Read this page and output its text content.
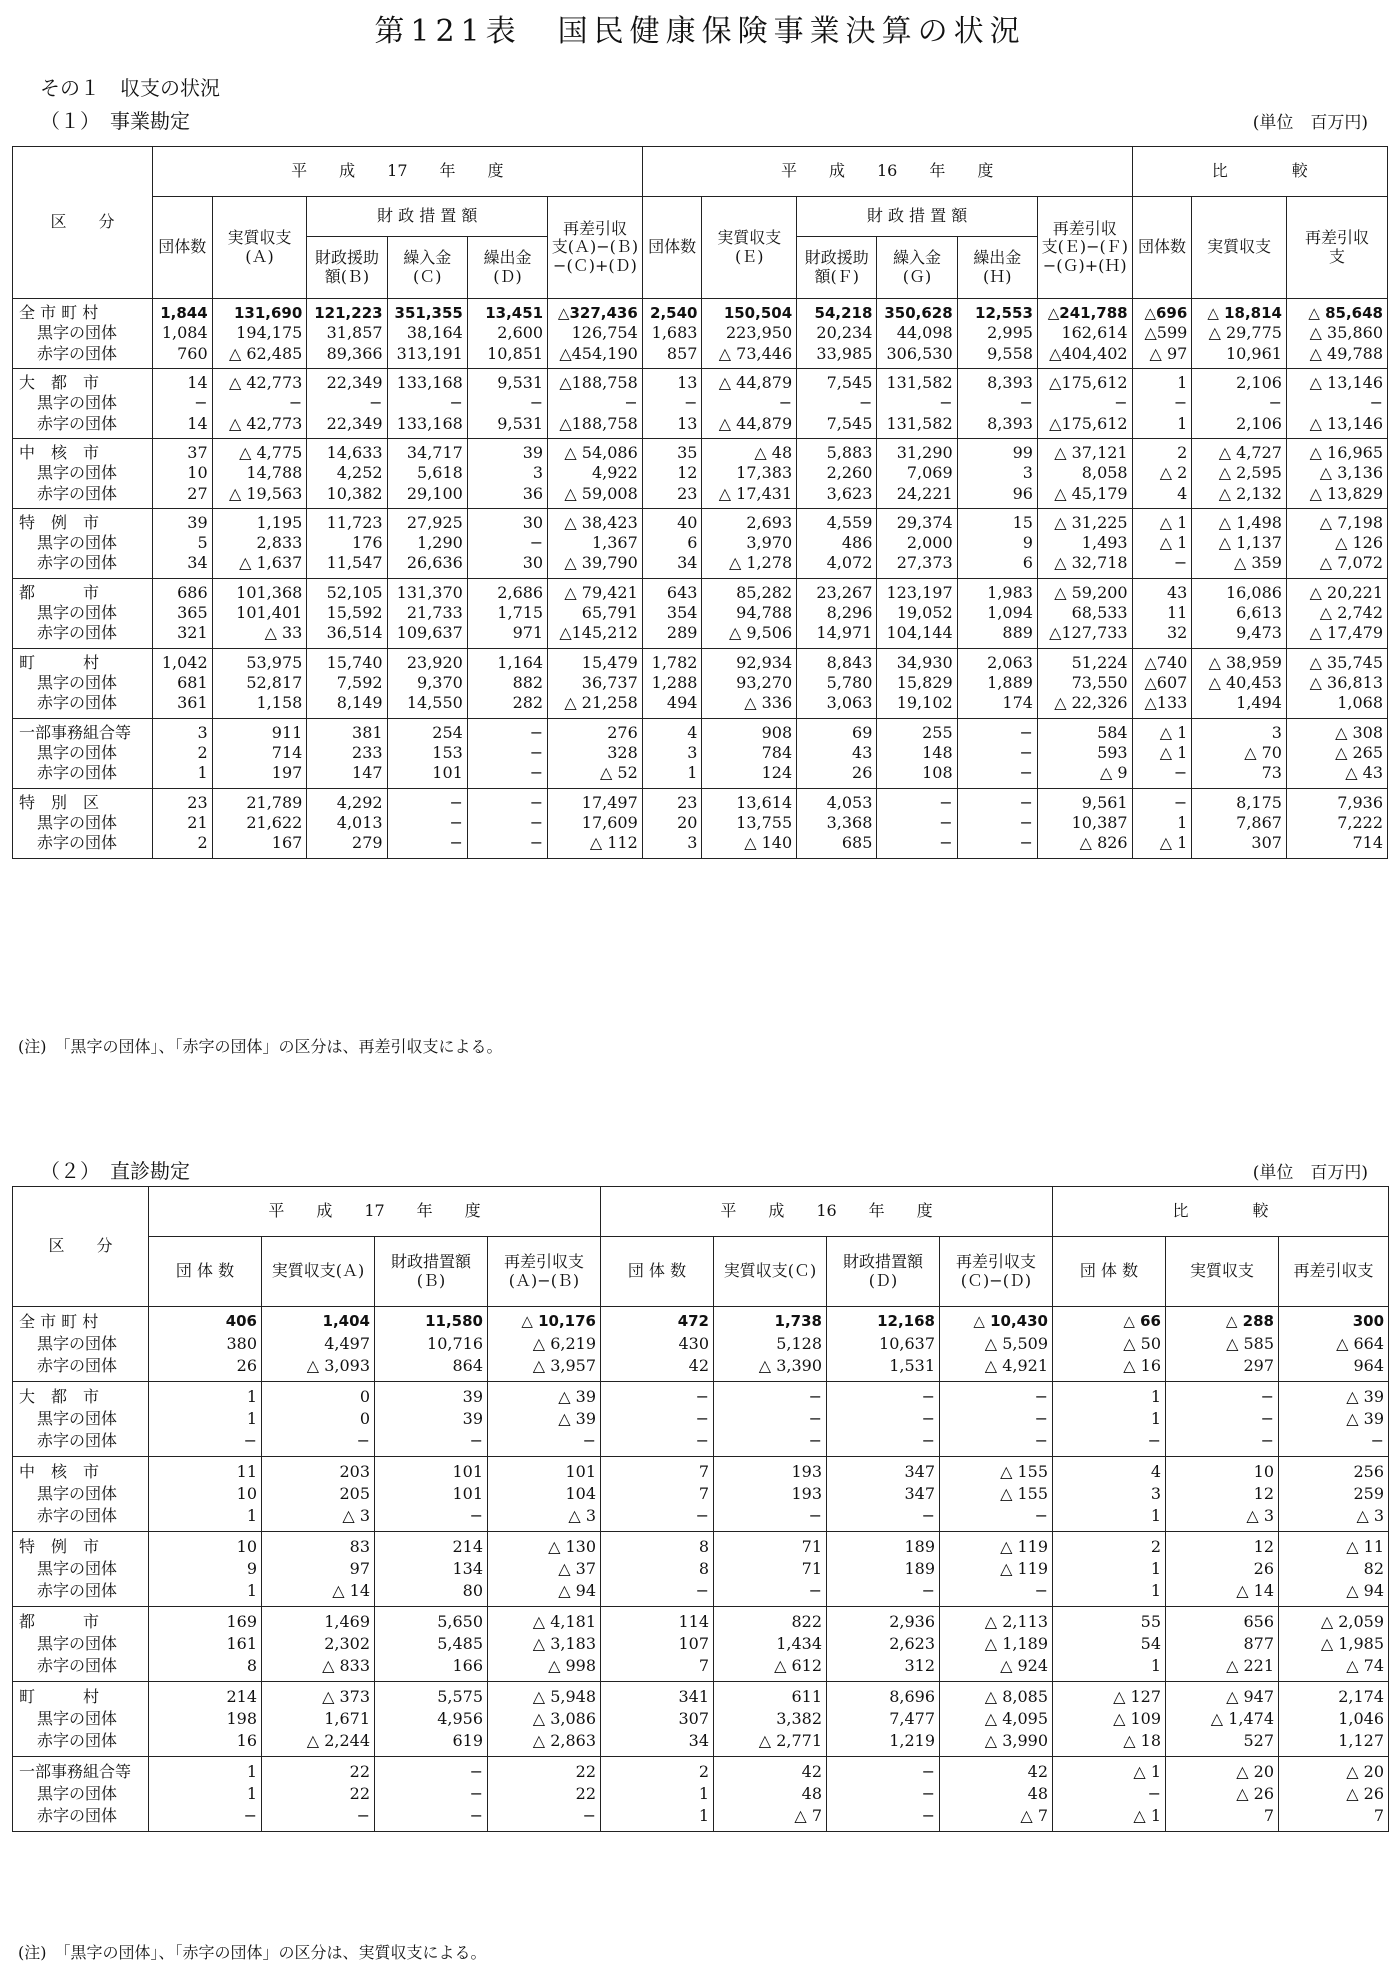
第121表　国民健康保険事業決算の状況
その１　収支の状況
（１）　事業勘定	(単位　百万円)
区　　分	平　　成　　17　　年　　度						平　　成　　16　　年　　度						比　　　　較		
	団体数	実質収支(Ａ)	財 政 措 置 額			再差引収　支(Ａ)−(Ｂ)−(Ｃ)+(Ｄ)	団体数	実質収支(Ｅ)	財 政 措 置 額			再差引収　支(Ｅ)−(Ｆ)−(Ｇ)+(Ｈ)	団体数	実質収支	再差引収　支
			財政援助額(Ｂ)	繰入金(Ｃ)	繰出金(Ｄ)				財政援助額(Ｆ)	繰入金(Ｇ)	繰出金(Ｈ)				
全 市 町 村	1,844	131,690	121,223	351,355	13,451	△327,436	2,540	150,504	54,218	350,628	12,553	△241,788	△696	△ 18,814	△ 85,648
黒字の団体	1,084	194,175	31,857	38,164	2,600	126,754	1,683	223,950	20,234	44,098	2,995	162,614	△599	△ 29,775	△ 35,860
赤字の団体	760	△ 62,485	89,366	313,191	10,851	△454,190	857	△ 73,446	33,985	306,530	9,558	△404,402	△ 97	10,961	△ 49,788
大　都　市	14	△ 42,773	22,349	133,168	9,531	△188,758	13	△ 44,879	7,545	131,582	8,393	△175,612	1	2,106	△ 13,146
黒字の団体	−	−	−	−	−	−	−	−	−	−	−	−	−	−	−
赤字の団体	14	△ 42,773	22,349	133,168	9,531	△188,758	13	△ 44,879	7,545	131,582	8,393	△175,612	1	2,106	△ 13,146
中　核　市	37	△ 4,775	14,633	34,717	39	△ 54,086	35	△ 48	5,883	31,290	99	△ 37,121	2	△ 4,727	△ 16,965
黒字の団体	10	14,788	4,252	5,618	3	4,922	12	17,383	2,260	7,069	3	8,058	△ 2	△ 2,595	△ 3,136
赤字の団体	27	△ 19,563	10,382	29,100	36	△ 59,008	23	△ 17,431	3,623	24,221	96	△ 45,179	4	△ 2,132	△ 13,829
特　例　市	39	1,195	11,723	27,925	30	△ 38,423	40	2,693	4,559	29,374	15	△ 31,225	△ 1	△ 1,498	△ 7,198
黒字の団体	5	2,833	176	1,290	−	1,367	6	3,970	486	2,000	9	1,493	△ 1	△ 1,137	△ 126
赤字の団体	34	△ 1,637	11,547	26,636	30	△ 39,790	34	△ 1,278	4,072	27,373	6	△ 32,718	−	△ 359	△ 7,072
都　　　市	686	101,368	52,105	131,370	2,686	△ 79,421	643	85,282	23,267	123,197	1,983	△ 59,200	43	16,086	△ 20,221
黒字の団体	365	101,401	15,592	21,733	1,715	65,791	354	94,788	8,296	19,052	1,094	68,533	11	6,613	△ 2,742
赤字の団体	321	△ 33	36,514	109,637	971	△145,212	289	△ 9,506	14,971	104,144	889	△127,733	32	9,473	△ 17,479
町　　　村	1,042	53,975	15,740	23,920	1,164	15,479	1,782	92,934	8,843	34,930	2,063	51,224	△740	△ 38,959	△ 35,745
黒字の団体	681	52,817	7,592	9,370	882	36,737	1,288	93,270	5,780	15,829	1,889	73,550	△607	△ 40,453	△ 36,813
赤字の団体	361	1,158	8,149	14,550	282	△ 21,258	494	△ 336	3,063	19,102	174	△ 22,326	△133	1,494	1,068
一部事務組合等	3	911	381	254	−	276	4	908	69	255	−	584	△ 1	3	△ 308
黒字の団体	2	714	233	153	−	328	3	784	43	148	−	593	△ 1	△ 70	△ 265
赤字の団体	1	197	147	101	−	△ 52	1	124	26	108	−	△ 9	−	73	△ 43
特　別　区	23	21,789	4,292	−	−	17,497	23	13,614	4,053	−	−	9,561	−	8,175	7,936
黒字の団体	21	21,622	4,013	−	−	17,609	20	13,755	3,368	−	−	10,387	1	7,867	7,222
赤字の団体	2	167	279	−	−	△ 112	3	△ 140	685	−	−	△ 826	△ 1	307	714
(注)　「黒字の団体」、「赤字の団体」の区分は、再差引収支による。
（２）　直診勘定	(単位　百万円)
区　　分	平　　成　　17　　年　　度				平　　成　　16　　年　　度				比　　　　較		
	団 体 数	実質収支(Ａ)	財政措置額(Ｂ)	再差引収支(Ａ)−(Ｂ)	団 体 数	実質収支(Ｃ)	財政措置額(Ｄ)	再差引収支(Ｃ)−(Ｄ)	団 体 数	実質収支	再差引収支
全 市 町 村	406	1,404	11,580	△ 10,176	472	1,738	12,168	△ 10,430	△ 66	△ 288	300
黒字の団体	380	4,497	10,716	△ 6,219	430	5,128	10,637	△ 5,509	△ 50	△ 585	△ 664
赤字の団体	26	△ 3,093	864	△ 3,957	42	△ 3,390	1,531	△ 4,921	△ 16	297	964
大　都　市	1	0	39	△ 39	−	−	−	−	1	−	△ 39
黒字の団体	1	0	39	△ 39	−	−	−	−	1	−	△ 39
赤字の団体	−	−	−	−	−	−	−	−	−	−	−
中　核　市	11	203	101	101	7	193	347	△ 155	4	10	256
黒字の団体	10	205	101	104	7	193	347	△ 155	3	12	259
赤字の団体	1	△ 3	−	△ 3	−	−	−	−	1	△ 3	△ 3
特　例　市	10	83	214	△ 130	8	71	189	△ 119	2	12	△ 11
黒字の団体	9	97	134	△ 37	8	71	189	△ 119	1	26	82
赤字の団体	1	△ 14	80	△ 94	−	−	−	−	1	△ 14	△ 94
都　　　市	169	1,469	5,650	△ 4,181	114	822	2,936	△ 2,113	55	656	△ 2,059
黒字の団体	161	2,302	5,485	△ 3,183	107	1,434	2,623	△ 1,189	54	877	△ 1,985
赤字の団体	8	△ 833	166	△ 998	7	△ 612	312	△ 924	1	△ 221	△ 74
町　　　村	214	△ 373	5,575	△ 5,948	341	611	8,696	△ 8,085	△ 127	△ 947	2,174
黒字の団体	198	1,671	4,956	△ 3,086	307	3,382	7,477	△ 4,095	△ 109	△ 1,474	1,046
赤字の団体	16	△ 2,244	619	△ 2,863	34	△ 2,771	1,219	△ 3,990	△ 18	527	1,127
一部事務組合等	1	22	−	22	2	42	−	42	△ 1	△ 20	△ 20
黒字の団体	1	22	−	22	1	48	−	48	−	△ 26	△ 26
赤字の団体	−	−	−	−	1	△ 7	−	△ 7	△ 1	7	7
(注)　「黒字の団体」、「赤字の団体」の区分は、実質収支による。
